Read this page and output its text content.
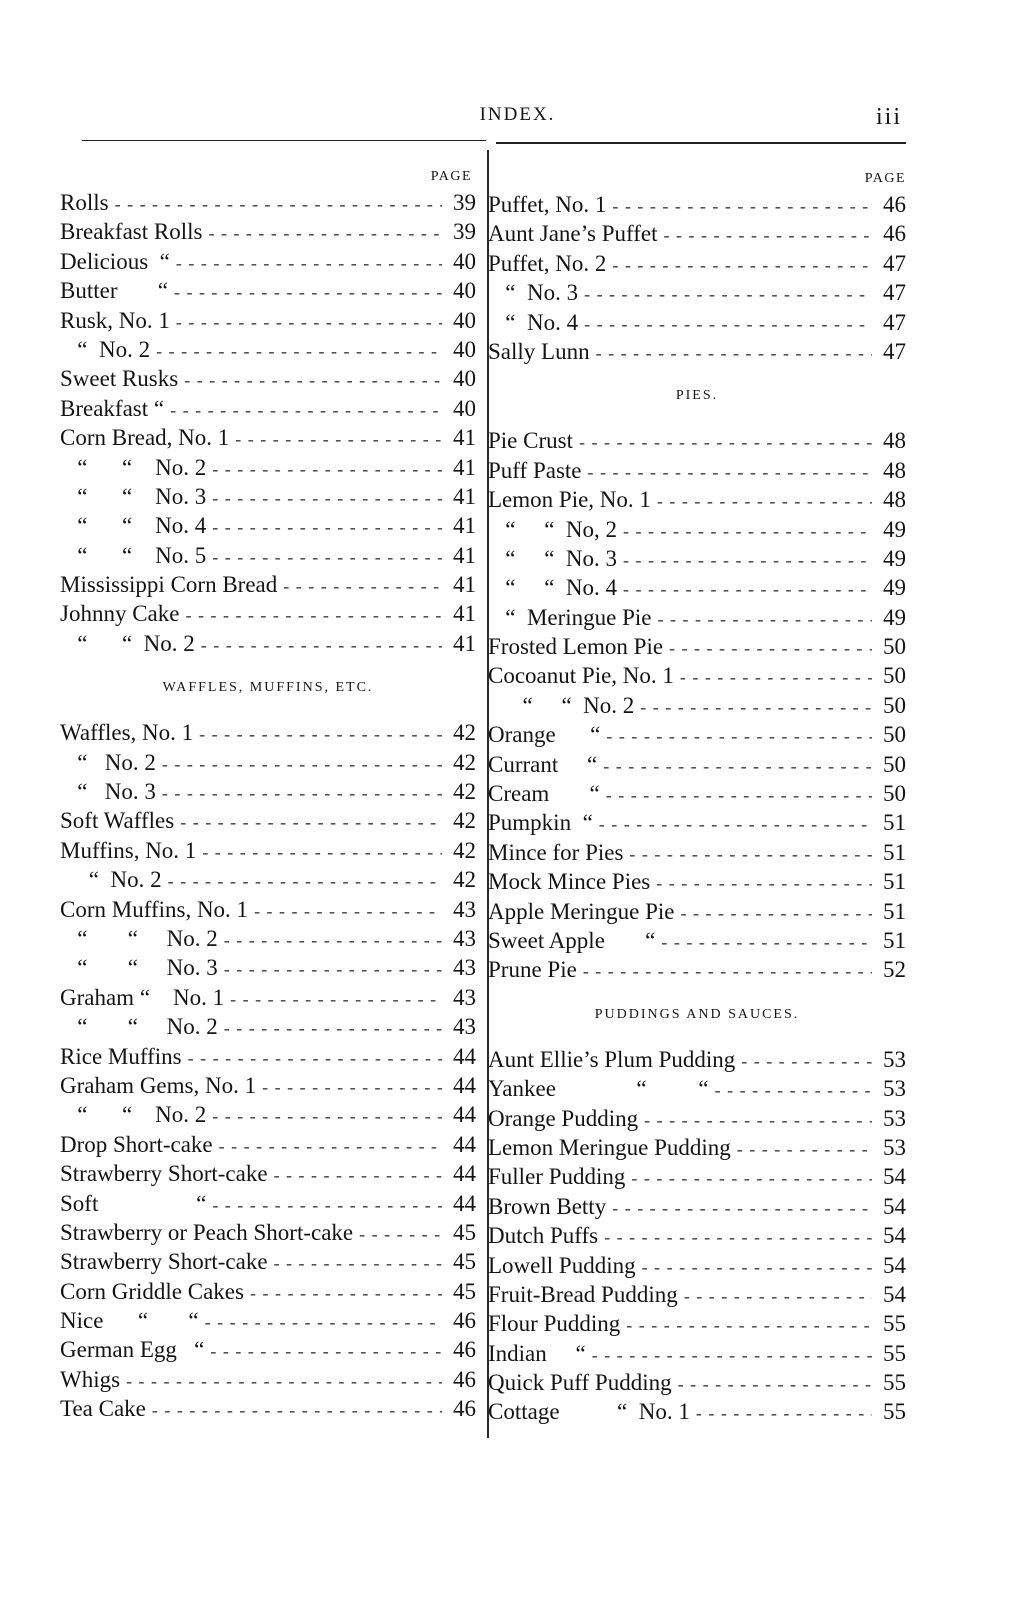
INDEX.	iii
PAGE
Rolls - - -	39
Breakfast Rolls - - -	39
Delicious  “ - - -	40
Butter       “ - - -	40
Rusk, No. 1 - - -	40
“  No. 2 - - -	40
Sweet Rusks - - -	40
Breakfast “ - - -	40
Corn Bread, No. 1 - - -	41
“      “    No. 2 - - -	41
“      “    No. 3 - - -	41
“      “    No. 4 - - -	41
“      “    No. 5 - - -	41
Mississippi Corn Bread - - -	41
Johnny Cake - - -	41
“      “  No. 2 - - -	41
WAFFLES, MUFFINS, ETC.
Waffles, No. 1 - - -	42
“   No. 2 - - -	42
“   No. 3 - - -	42
Soft Waffles - - -	42
Muffins, No. 1 - - -	42
“  No. 2 - - -	42
Corn Muffins, No. 1 - - -	43
“       “     No. 2 - - -	43
“       “     No. 3 - - -	43
Graham “    No. 1 - - -	43
“       “     No. 2 - - -	43
Rice Muffins - - -	44
Graham Gems, No. 1 - - -	44
“      “    No. 2 - - -	44
Drop Short-cake - - -	44
Strawberry Short-cake - - -	44
Soft                 “ - - -	44
Strawberry or Peach Short-cake - - -	45
Strawberry Short-cake - - -	45
Corn Griddle Cakes - - -	45
Nice      “       “ - - -	46
German Egg   “ - - -	46
Whigs - - -	46
Tea Cake - - -	46
PAGE
Puffet, No. 1 - - -	46
Aunt Jane’s Puffet - - -	46
Puffet, No. 2 - - -	47
“  No. 3 - - -	47
“  No. 4 - - -	47
Sally Lunn - - -	47
PIES.
Pie Crust - - -	48
Puff Paste - - -	48
Lemon Pie, No. 1 - - -	48
“     “  No, 2 - - -	49
“     “  No. 3 - - -	49
“     “  No. 4 - - -	49
“  Meringue Pie - - -	49
Frosted Lemon Pie - - -	50
Cocoanut Pie, No. 1 - - -	50
“     “  No. 2 - - -	50
Orange      “ - - -	50
Currant     “ - - -	50
Cream       “ - - -	50
Pumpkin  “ - - -	51
Mince for Pies - - -	51
Mock Mince Pies - - -	51
Apple Meringue Pie - - -	51
Sweet Apple       “ - - -	51
Prune Pie - - -	52
PUDDINGS AND SAUCES.
Aunt Ellie’s Plum Pudding - - -	53
Yankee              “         “ - - -	53
Orange Pudding - - -	53
Lemon Meringue Pudding - - -	53
Fuller Pudding - - -	54
Brown Betty - - -	54
Dutch Puffs - - -	54
Lowell Pudding - - -	54
Fruit-Bread Pudding - - -	54
Flour Pudding - - -	55
Indian     “ - - -	55
Quick Puff Pudding - - -	55
Cottage          “  No. 1 - - -	55
